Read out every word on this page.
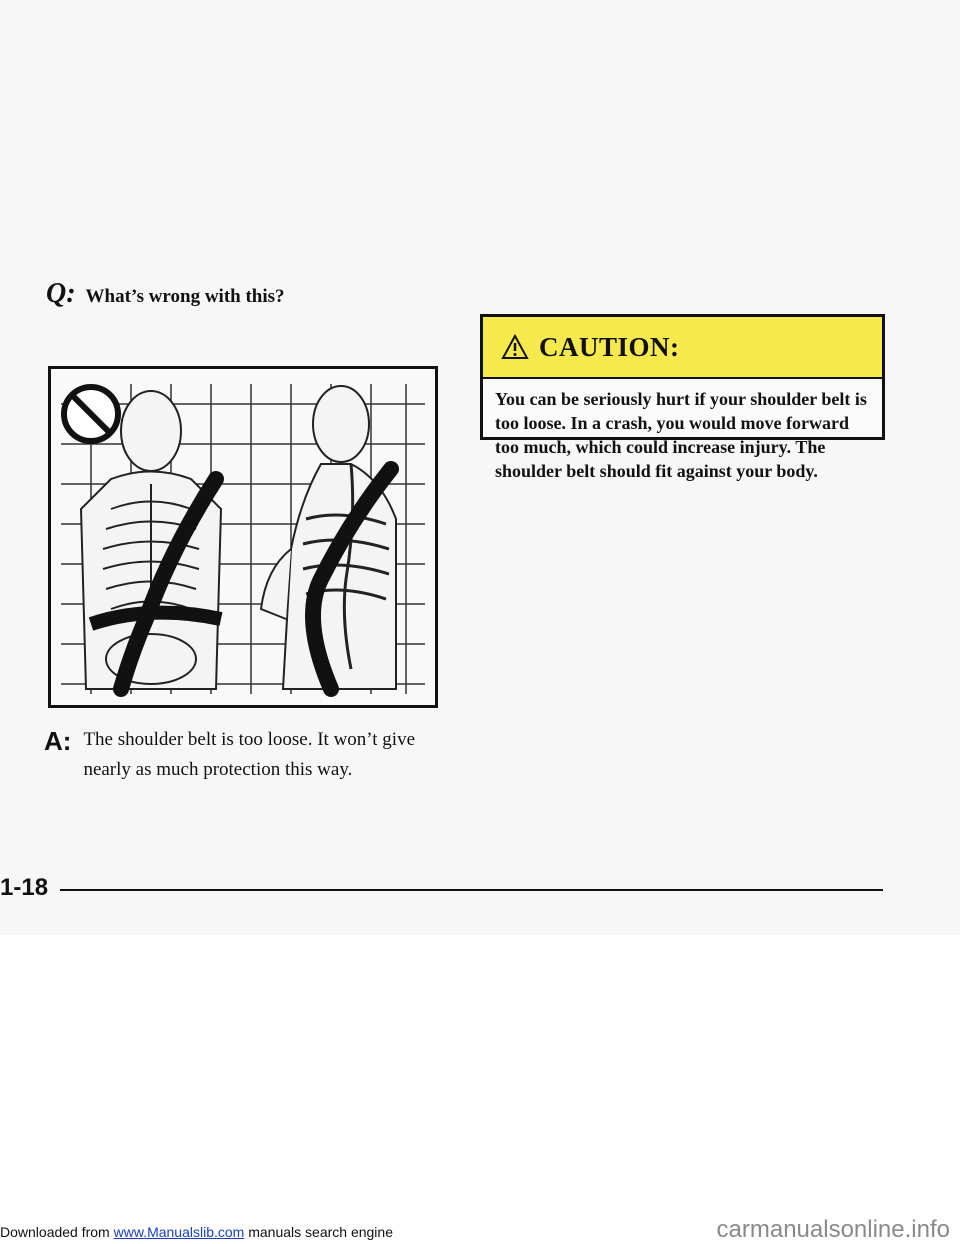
Q: What’s wrong with this?
A: The shoulder belt is too loose. It won’t give nearly as much protection this way.
CAUTION:
You can be seriously hurt if your shoulder belt is too loose. In a crash, you would move forward too much, which could increase injury. The shoulder belt should fit against your body.
1-18
Downloaded from www.Manualslib.com manuals search engine	carmanualsonline.info
